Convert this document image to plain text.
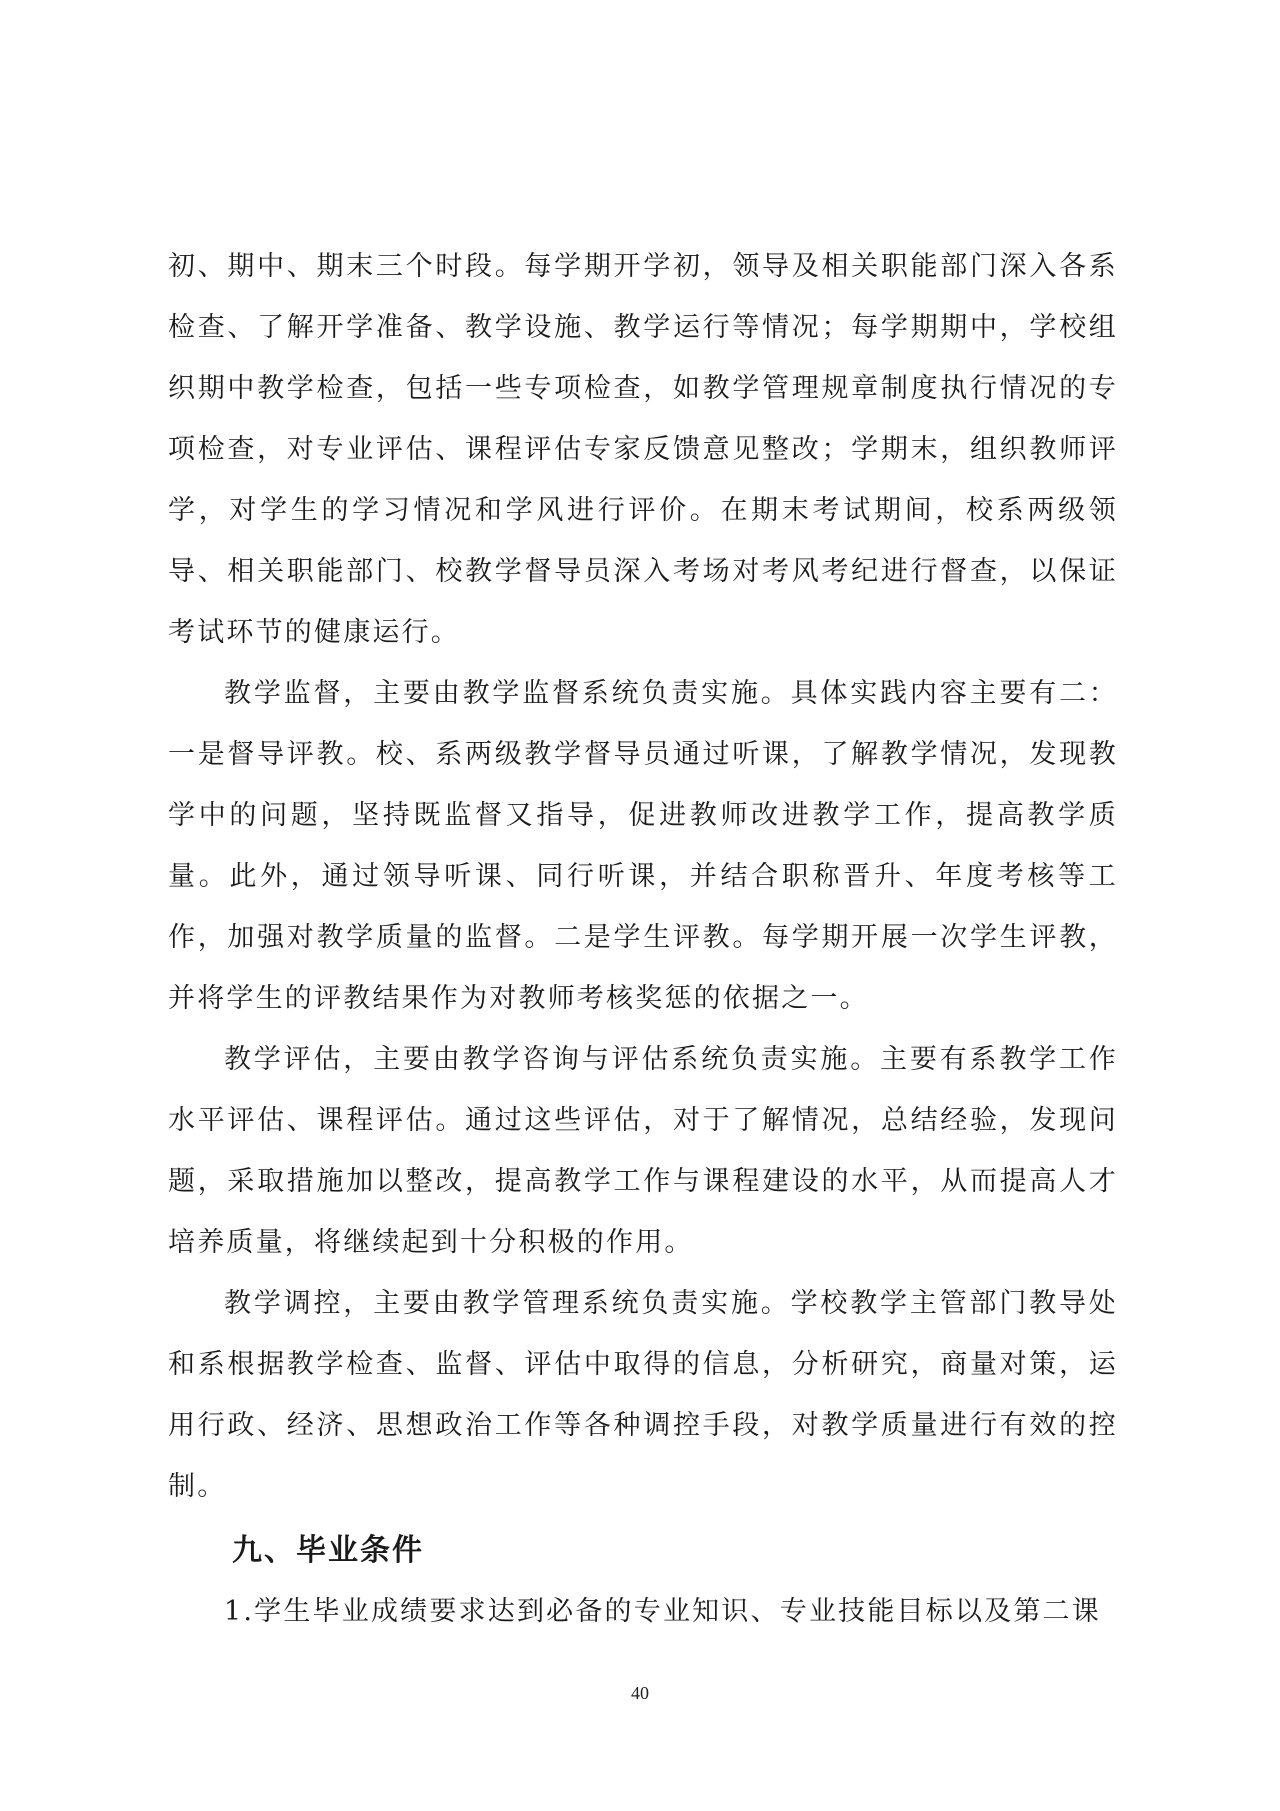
初、期中、期末三个时段。每学期开学初，领导及相关职能部门深入各系检查、了解开学准备、教学设施、教学运行等情况；每学期期中，学校组织期中教学检查，包括一些专项检查，如教学管理规章制度执行情况的专项检查，对专业评估、课程评估专家反馈意见整改；学期末，组织教师评学，对学生的学习情况和学风进行评价。在期末考试期间，校系两级领导、相关职能部门、校教学督导员深入考场对考风考纪进行督查，以保证考试环节的健康运行。

教学监督，主要由教学监督系统负责实施。具体实践内容主要有二：一是督导评教。校、系两级教学督导员通过听课，了解教学情况，发现教学中的问题，坚持既监督又指导，促进教师改进教学工作，提高教学质量。此外，通过领导听课、同行听课，并结合职称晋升、年度考核等工作，加强对教学质量的监督。二是学生评教。每学期开展一次学生评教，并将学生的评教结果作为对教师考核奖惩的依据之一。

教学评估，主要由教学咨询与评估系统负责实施。主要有系教学工作水平评估、课程评估。通过这些评估，对于了解情况，总结经验，发现问题，采取措施加以整改，提高教学工作与课程建设的水平，从而提高人才培养质量，将继续起到十分积极的作用。

教学调控，主要由教学管理系统负责实施。学校教学主管部门教导处和系根据教学检查、监督、评估中取得的信息，分析研究，商量对策，运用行政、经济、思想政治工作等各种调控手段，对教学质量进行有效的控制。

九、毕业条件

1.学生毕业成绩要求达到必备的专业知识、专业技能目标以及第二课

40
